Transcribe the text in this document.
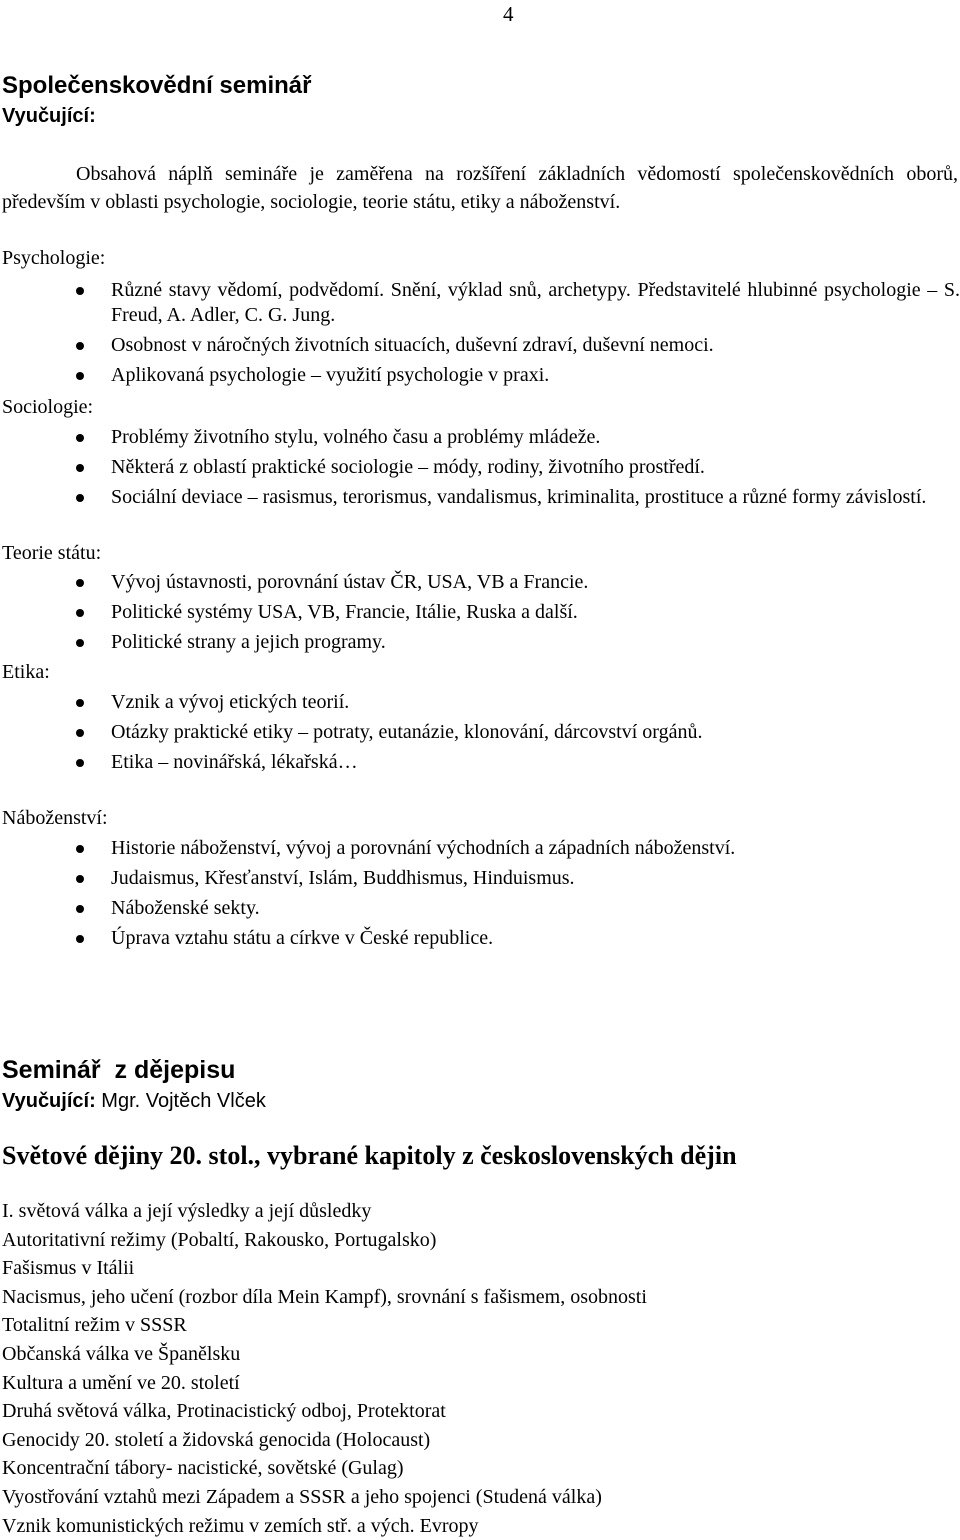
4
Společenskovědní seminář
Vyučující:

Obsahová náplň semináře je zaměřena na rozšíření základních vědomostí společenskovědních oborů, především v oblasti psychologie, sociologie, teorie státu, etiky a náboženství.

Psychologie:
Různé stavy vědomí, podvědomí. Snění, výklad snů, archetypy. Představitelé hlubinné psychologie – S. Freud, A. Adler, C. G. Jung.
Osobnost v náročných životních situacích, duševní zdraví, duševní nemoci.
Aplikovaná psychologie – využití psychologie v praxi.
Sociologie:
Problémy životního stylu, volného času a problémy mládeže.
Některá z oblastí praktické sociologie – módy, rodiny, životního prostředí.
Sociální deviace – rasismus, terorismus, vandalismus, kriminalita, prostituce a různé formy závislostí.
Teorie státu:
Vývoj ústavnosti, porovnání ústav ČR, USA, VB a Francie.
Politické systémy USA, VB, Francie, Itálie, Ruska a další.
Politické strany a jejich programy.
Etika:
Vznik a vývoj etických teorií.
Otázky praktické etiky – potraty, eutanázie, klonování, dárcovství orgánů.
Etika – novinářská, lékařská…
Náboženství:
Historie náboženství, vývoj a porovnání východních a západních náboženství.
Judaismus, Křesťanství, Islám, Buddhismus, Hinduismus.
Náboženské sekty.
Úprava vztahu státu a církve v České republice.
Seminář  z dějepisu
Vyučující: Mgr. Vojtěch Vlček
Světové dějiny 20. stol., vybrané kapitoly z československých dějin
I. světová válka a její výsledky a její důsledky
Autoritativní režimy (Pobaltí, Rakousko, Portugalsko)
Fašismus v Itálii
Nacismus, jeho učení (rozbor díla Mein Kampf), srovnání s fašismem, osobnosti
Totalitní režim v SSSR
Občanská válka ve Španělsku
Kultura a umění ve 20. století
Druhá světová válka, Protinacistický odboj, Protektorat
Genocidy 20. století a židovská genocida (Holocaust)
Koncentrační tábory- nacistické, sovětské (Gulag)
Vyostřování vztahů mezi Západem a SSSR a jeho spojenci (Studená válka)
Vznik komunistických režimu v zemích stř. a vých. Evropy
